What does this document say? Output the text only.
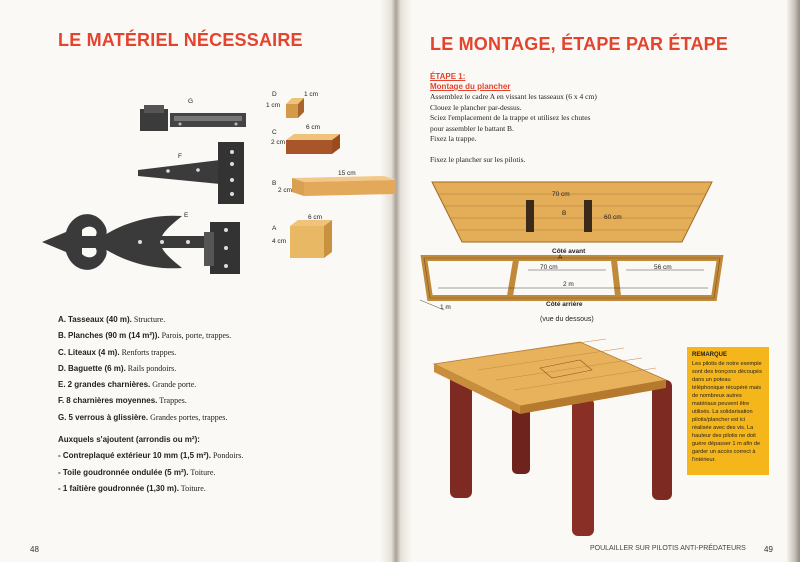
LE MATÉRIEL NÉCESSAIRE
G
F
E
D	1 cm
1 cm
C
6 cm
2 cm
B
15 cm
2 cm
A
6 cm
4 cm
A. Tasseaux (40 m). Structure.
B. Planches (90 m (14 m²)). Parois, porte, trappes.
C. Liteaux (4 m). Renforts trappes.
D. Baguette (6 m). Rails pondoirs.
E. 2 grandes charnières. Grande porte.
F. 8 charnières moyennes. Trappes.
G. 5 verrous à glissière. Grandes portes, trappes.
Auxquels s'ajoutent (arrondis ou m²):
- Contreplaqué extérieur 10 mm (1,5 m²). Pondoirs.
- Toile goudronnée ondulée (5 m²). Toiture.
- 1 faîtière goudronnée (1,30 m). Toiture.
48
LE MONTAGE, ÉTAPE PAR ÉTAPE
ÉTAPE 1:
Montage du plancher
Assemblez le cadre A en vissant les tasseaux (6 x 4 cm)
Clouez le plancher par-dessus.
Sciez l'emplacement de la trappe et utilisez les chutes
pour assembler le battant B.
Fixez la trappe.
Fixez le plancher sur les pilotis.
70 cm
B
60 cm
Côté avant
A
70 cm	56 cm
2 m
Côté arrière
1 m
(vue du dessous)
REMARQUE
Les pilotis de notre exemple sont des tronçons découpés dans un poteau téléphonique récupéré mais de nombreux autres matériaux peuvent être utilisés. La solidarisation pilotis/plancher est ici réalisée avec des vis. La hauteur des pilotis ne doit guère dépasser 1 m afin de garder un accès correct à l'intérieur.
POULAILLER SUR PILOTIS ANTI-PRÉDATEURS 49
